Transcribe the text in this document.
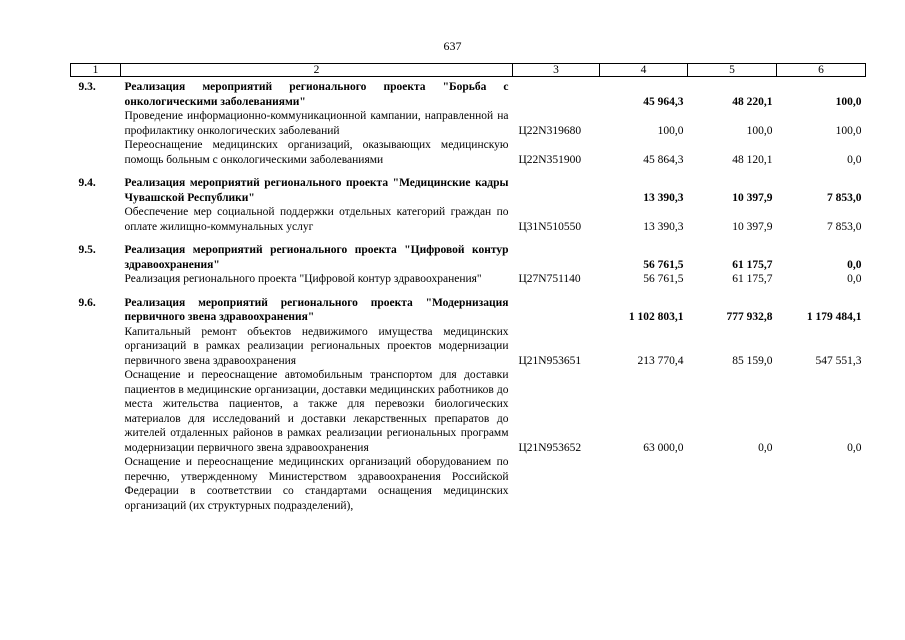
637
1	2	3	4	5	6

9.3.	Реализация мероприятий регионального проекта "Борьба с онкологическими заболеваниями"		45 964,3	48 220,1	100,0
	Проведение информационно-коммуникационной кампании, направленной на профилактику онкологических заболеваний	Ц22N319680	100,0	100,0	100,0
	Переоснащение медицинских организаций, оказывающих медицинскую помощь больным с онкологическими заболеваниями	Ц22N351900	45 864,3	48 120,1	0,0

9.4.	Реализация мероприятий регионального проекта "Медицинские кадры Чувашской Республики"		13 390,3	10 397,9	7 853,0
	Обеспечение мер социальной поддержки отдельных категорий граждан по оплате жилищно-коммунальных услуг	Ц31N510550	13 390,3	10 397,9	7 853,0

9.5.	Реализация мероприятий регионального проекта "Цифровой контур здравоохранения"		56 761,5	61 175,7	0,0
	Реализация регионального проекта "Цифровой контур здравоохранения"	Ц27N751140	56 761,5	61 175,7	0,0

9.6.	Реализация мероприятий регионального проекта "Модернизация первичного звена здравоохранения"		1 102 803,1	777 932,8	1 179 484,1
	Капитальный ремонт объектов недвижимого имущества медицинских организаций в рамках реализации региональных проектов модернизации первичного звена здравоохранения	Ц21N953651	213 770,4	85 159,0	547 551,3
	Оснащение и переоснащение автомобильным транспортом для доставки пациентов в медицинские организации, доставки медицинских работников до места жительства пациентов, а также для перевозки биологических материалов для исследований и доставки лекарственных препаратов до жителей отдаленных районов в рамках реализации региональных программ модернизации первичного звена здравоохранения	Ц21N953652	63 000,0	0,0	0,0
	Оснащение и переоснащение медицинских организаций оборудованием по перечню, утвержденному Министерством здравоохранения Российской Федерации в соответствии со стандартами оснащения медицинских организаций (их структурных подразделений),				
